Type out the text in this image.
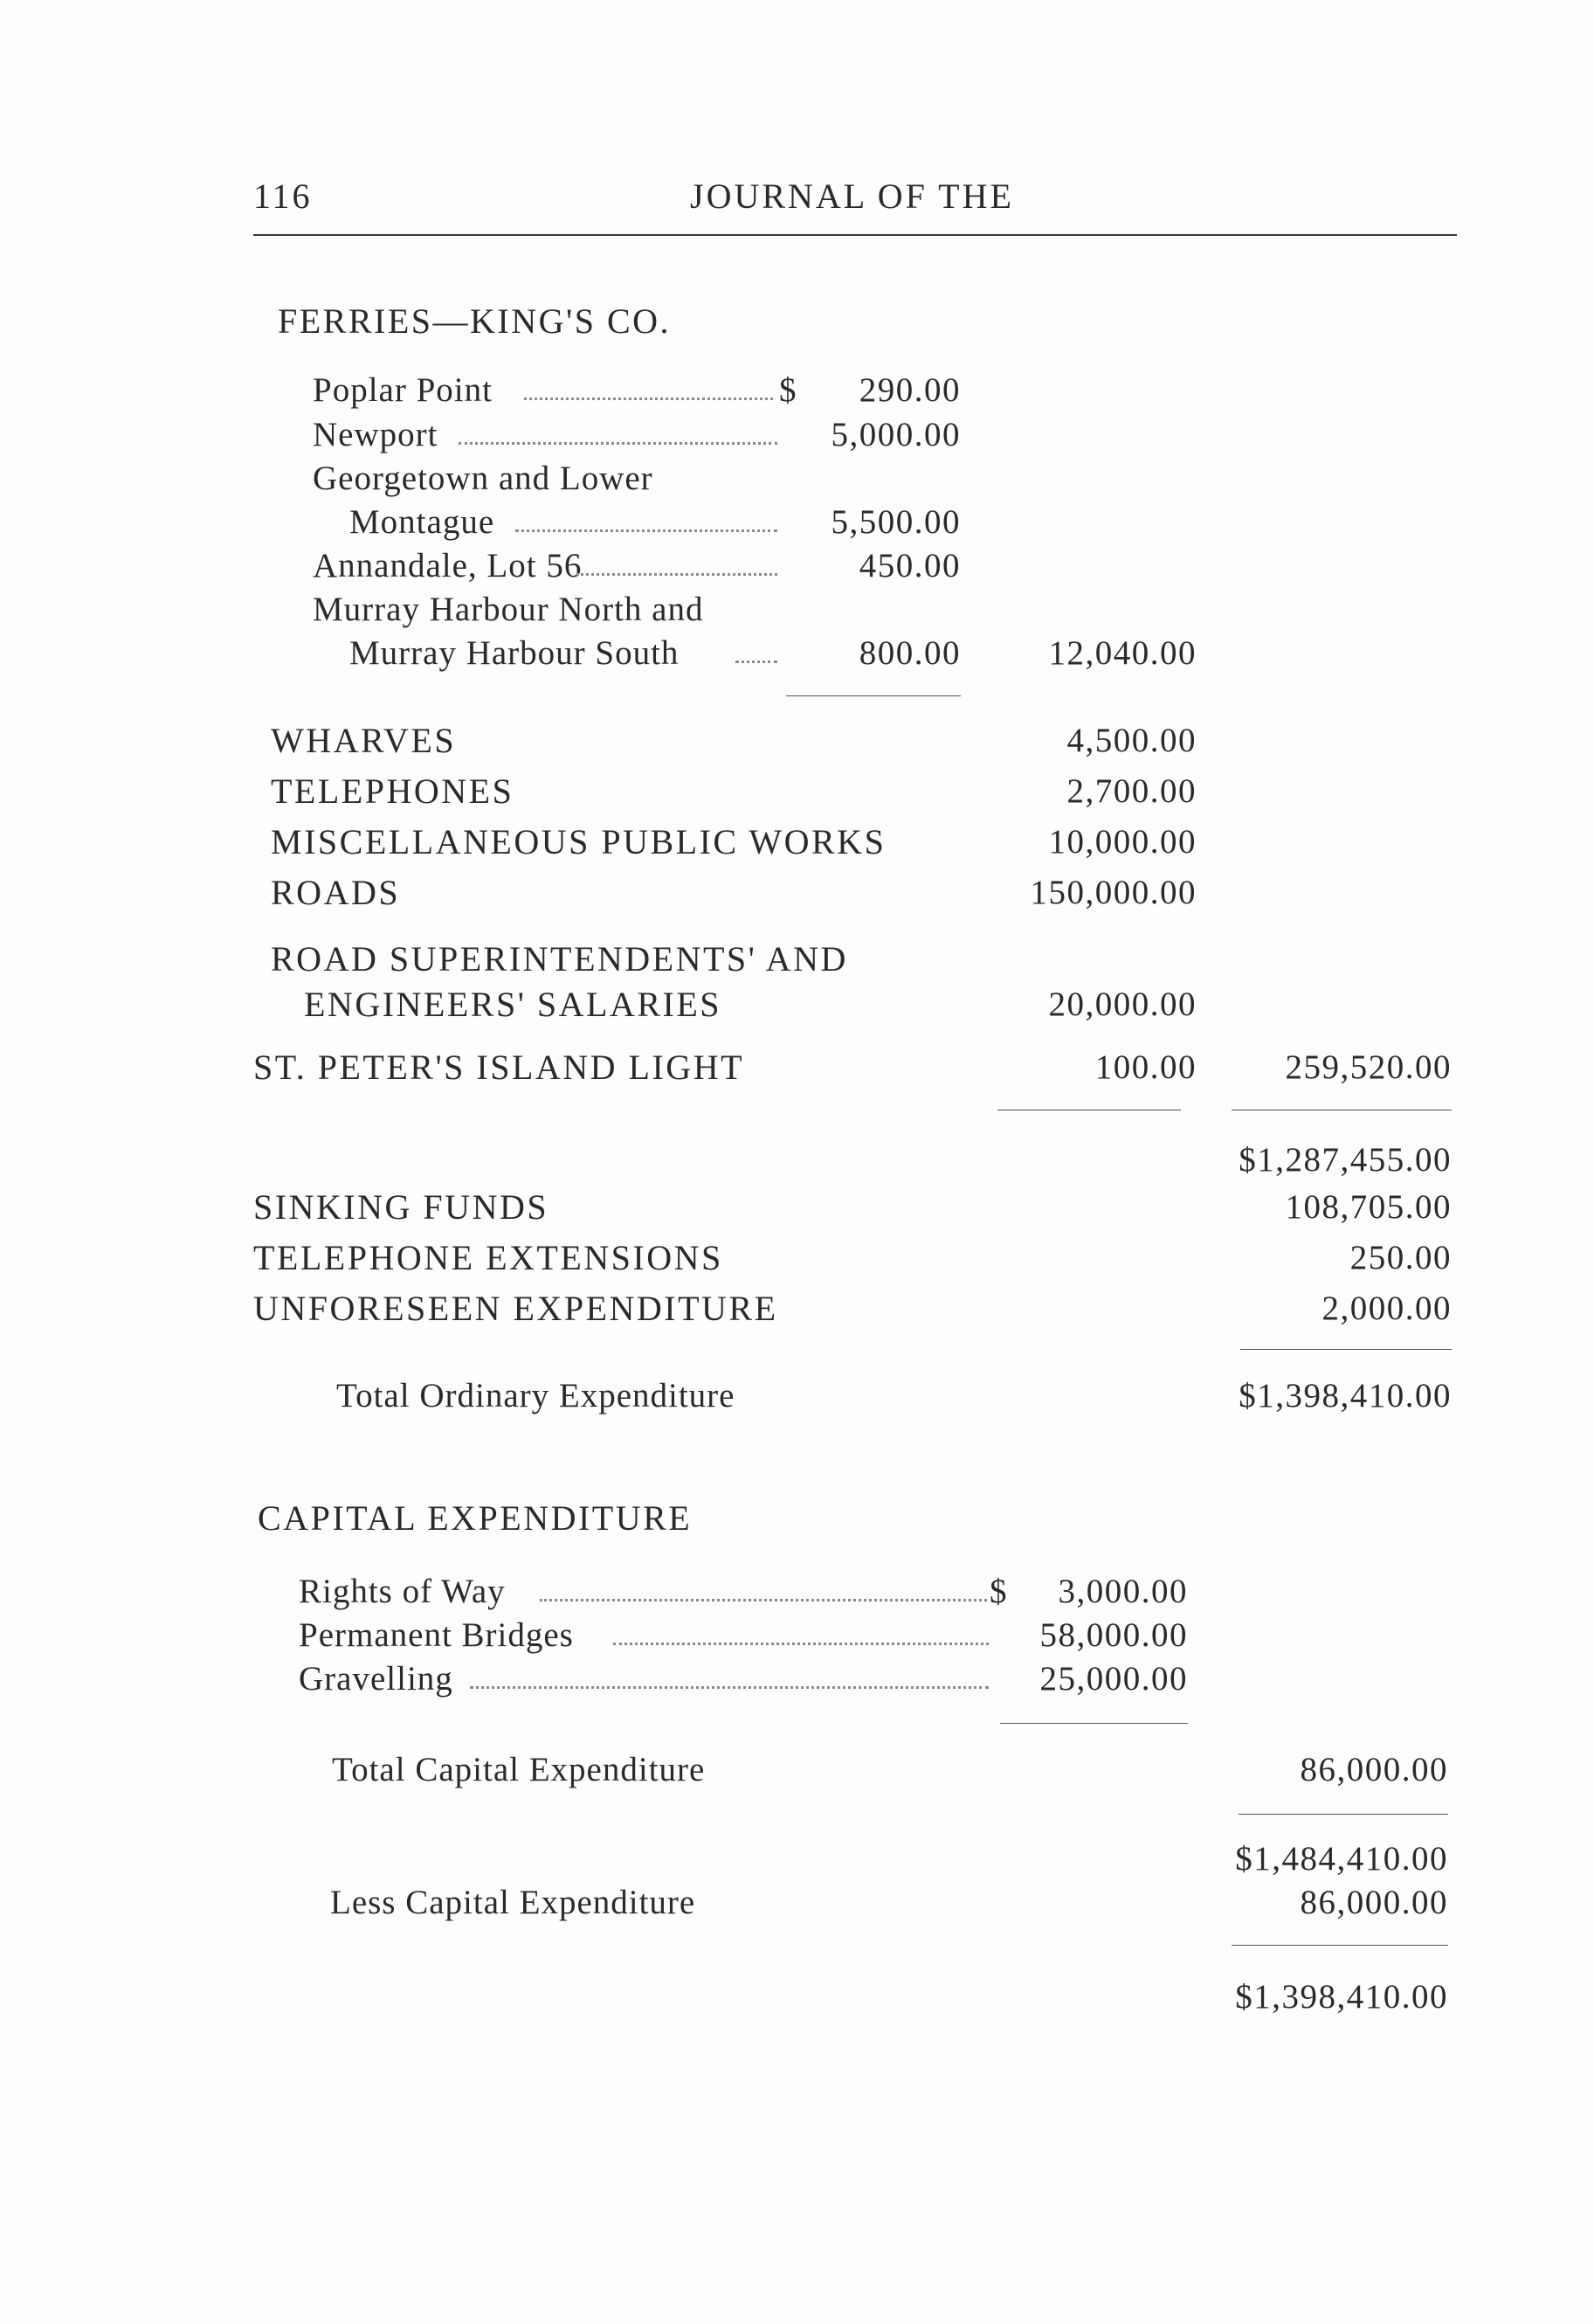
116	JOURNAL OF THE
FERRIES—KING'S CO.
Poplar Point	$	290.00
Newport	5,000.00
Georgetown and Lower
Montague	5,500.00
Annandale, Lot 56	450.00
Murray Harbour North and
Murray Harbour South	800.00	12,040.00
WHARVES	4,500.00
TELEPHONES	2,700.00
MISCELLANEOUS PUBLIC WORKS	10,000.00
ROADS	150,000.00
ROAD SUPERINTENDENTS' AND
ENGINEERS' SALARIES	20,000.00
ST. PETER'S ISLAND LIGHT	100.00	259,520.00
$1,287,455.00
SINKING FUNDS	108,705.00
TELEPHONE EXTENSIONS	250.00
UNFORESEEN EXPENDITURE	2,000.00
Total Ordinary Expenditure	$1,398,410.00
CAPITAL EXPENDITURE
Rights of Way	$	3,000.00
Permanent Bridges	58,000.00
Gravelling	25,000.00
Total Capital Expenditure	86,000.00
$1,484,410.00
Less Capital Expenditure	86,000.00
$1,398,410.00
